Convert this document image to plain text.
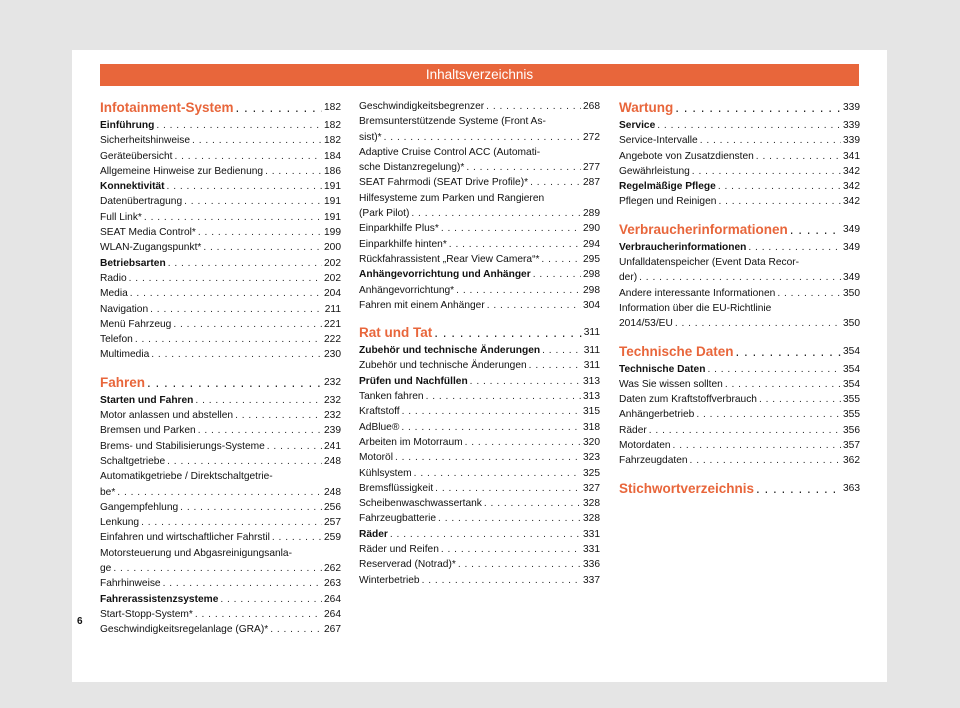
Inhaltsverzeichnis
Infotainment-System . . .	182
Einführung . . .	182
Sicherheitshinweise . . .	182
Geräteübersicht . . .	184
Allgemeine Hinweise zur Bedienung . . .	186
Konnektivität . . .	191
Datenübertragung . . .	191
Full Link* . . .	191
SEAT Media Control* . . .	199
WLAN-Zugangspunkt* . . .	200
Betriebsarten . . .	202
Radio . . .	202
Media . . .	204
Navigation . . .	211
Menü Fahrzeug . . .	221
Telefon . . .	222
Multimedia . . .	230
Fahren . . .	232
Starten und Fahren . . .	232
Motor anlassen und abstellen . . .	232
Bremsen und Parken . . .	239
Brems- und Stabilisierungs-Systeme . . .	241
Schaltgetriebe . . .	248
Automatikgetriebe / Direktschaltgetrie-
be* . . .	248
Gangempfehlung . . .	256
Lenkung . . .	257
Einfahren und wirtschaftlicher Fahrstil . . .	259
Motorsteuerung und Abgasreinigungsanla-
ge . . .	262
Fahrhinweise . . .	263
Fahrerassistenzsysteme . . .	264
Start-Stopp-System* . . .	264
Geschwindigkeitsregelanlage (GRA)* . . .	267
Geschwindigkeitsbegrenzer . . .	268
Bremsunterstützende Systeme (Front As-
sist)* . . .	272
Adaptive Cruise Control ACC (Automati-
sche Distanzregelung)* . . .	277
SEAT Fahrmodi (SEAT Drive Profile)* . . .	287
Hilfesysteme zum Parken und Rangieren
(Park Pilot) . . .	289
Einparkhilfe Plus* . . .	290
Einparkhilfe hinten* . . .	294
Rückfahrassistent „Rear View Camera“* . . .	295
Anhängevorrichtung und Anhänger . . .	298
Anhängevorrichtung* . . .	298
Fahren mit einem Anhänger . . .	304
Rat und Tat . . .	311
Zubehör und technische Änderungen . . .	311
Zubehör und technische Änderungen . . .	311
Prüfen und Nachfüllen . . .	313
Tanken fahren . . .	313
Kraftstoff . . .	315
AdBlue® . . .	318
Arbeiten im Motorraum . . .	320
Motoröl . . .	323
Kühlsystem . . .	325
Bremsflüssigkeit . . .	327
Scheibenwaschwassertank . . .	328
Fahrzeugbatterie . . .	328
Räder . . .	331
Räder und Reifen . . .	331
Reserverad (Notrad)* . . .	336
Winterbetrieb . . .	337
Wartung . . .	339
Service . . .	339
Service-Intervalle . . .	339
Angebote von Zusatzdiensten . . .	341
Gewährleistung . . .	342
Regelmäßige Pflege . . .	342
Pflegen und Reinigen . . .	342
Verbraucherinformationen . . .	349
Verbraucherinformationen . . .	349
Unfalldatenspeicher (Event Data Recor-
der) . . .	349
Andere interessante Informationen . . .	350
Information über die EU-Richtlinie
2014/53/EU . . .	350
Technische Daten . . .	354
Technische Daten . . .	354
Was Sie wissen sollten . . .	354
Daten zum Kraftstoffverbrauch . . .	355
Anhängerbetrieb . . .	355
Räder . . .	356
Motordaten . . .	357
Fahrzeugdaten . . .	362
Stichwortverzeichnis . . .	363
6
